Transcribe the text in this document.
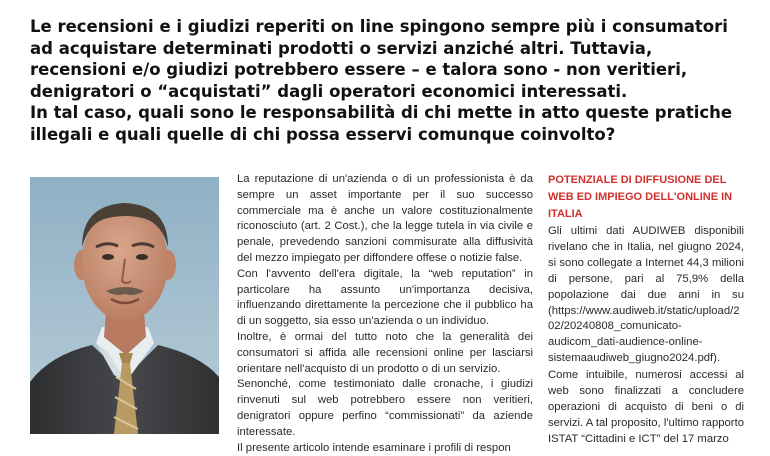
Le recensioni e i giudizi reperiti on line spingono sempre più i consumatori ad acquistare determinati prodotti o servizi anziché altri. Tuttavia, recensioni e/o giudizi potrebbero essere – e talora sono - non veritieri, denigratori o “acquistati” dagli operatori economici interessati.

In tal caso, quali sono le responsabilità di chi mette in atto queste pratiche illegali e quali quelle di chi possa esservi comunque coinvolto?

La reputazione di un'azienda o di un professionista è da sempre un asset importante per il suo successo commerciale ma è anche un valore costituzionalmente riconosciuto (art. 2 Cost.), che la legge tutela in via civile e penale, prevedendo sanzioni commisurate alla diffusività del mezzo impiegato per diffondere offese o notizie false.

Con l'avvento dell'era digitale, la “web reputation” in particolare ha assunto un'importanza decisiva, influenzando direttamente la percezione che il pubblico ha di un soggetto, sia esso un'azienda o un individuo.

Inoltre, è ormai del tutto noto che la generalità dei consumatori si affida alle recensioni online per lasciarsi orientare nell'acquisto di un prodotto o di un servizio.

Senonché, come testimoniato dalle cronache, i giudizi rinvenuti sul web potrebbero essere non veritieri, denigratori oppure perfino “commissionati” da aziende interessate.

Il presente articolo intende esaminare i profili di respon

POTENZIALE DI DIFFUSIONE DEL WEB ED IMPIEGO DELL'ONLINE IN ITALIA

Gli ultimi dati AUDIWEB disponibili rivelano che in Italia, nel giugno 2024, si sono collegate a Internet 44,3 milioni di persone, pari al 75,9% della popolazione dai due anni in su (https://www.audiweb.it/static/upload/202/20240808_comunicato-audicom_dati-audience-online-sistemaaudiweb_giugno2024.pdf).

Come intuibile, numerosi accessi al web sono finalizzati a concludere operazioni di acquisto di beni o di servizi. A tal proposito, l'ultimo rapporto ISTAT “Cittadini e ICT” del 17 marzo
